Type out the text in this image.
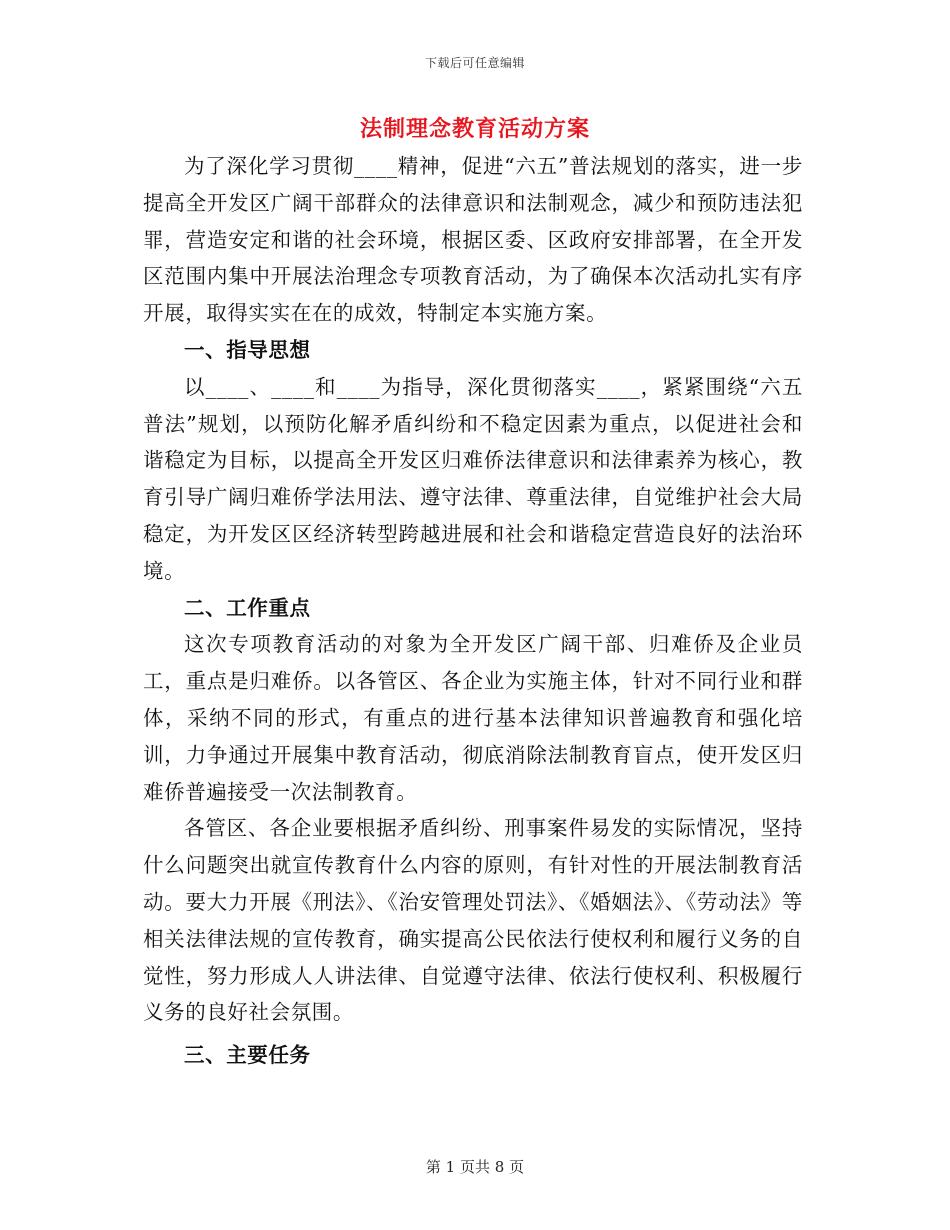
下载后可任意编辑
法制理念教育活动方案

为了深化学习贯彻____精神，促进“六五”普法规划的落实，进一步提高全开发区广阔干部群众的法律意识和法制观念，减少和预防违法犯罪，营造安定和谐的社会环境，根据区委、区政府安排部署，在全开发区范围内集中开展法治理念专项教育活动，为了确保本次活动扎实有序开展，取得实实在在的成效，特制定本实施方案。

一、指导思想

以____、____和____为指导，深化贯彻落实____，紧紧围绕“六五普法”规划，以预防化解矛盾纠纷和不稳定因素为重点，以促进社会和谐稳定为目标，以提高全开发区归难侨法律意识和法律素养为核心，教育引导广阔归难侨学法用法、遵守法律、尊重法律，自觉维护社会大局稳定，为开发区区经济转型跨越进展和社会和谐稳定营造良好的法治环境。

二、工作重点

这次专项教育活动的对象为全开发区广阔干部、归难侨及企业员工，重点是归难侨。以各管区、各企业为实施主体，针对不同行业和群体，采纳不同的形式，有重点的进行基本法律知识普遍教育和强化培训，力争通过开展集中教育活动，彻底消除法制教育盲点，使开发区归难侨普遍接受一次法制教育。

各管区、各企业要根据矛盾纠纷、刑事案件易发的实际情况，坚持什么问题突出就宣传教育什么内容的原则，有针对性的开展法制教育活动。要大力开展《刑法》、《治安管理处罚法》、《婚姻法》、《劳动法》等相关法律法规的宣传教育，确实提高公民依法行使权利和履行义务的自觉性，努力形成人人讲法律、自觉遵守法律、依法行使权利、积极履行义务的良好社会氛围。

三、主要任务
第 1 页共 8 页
